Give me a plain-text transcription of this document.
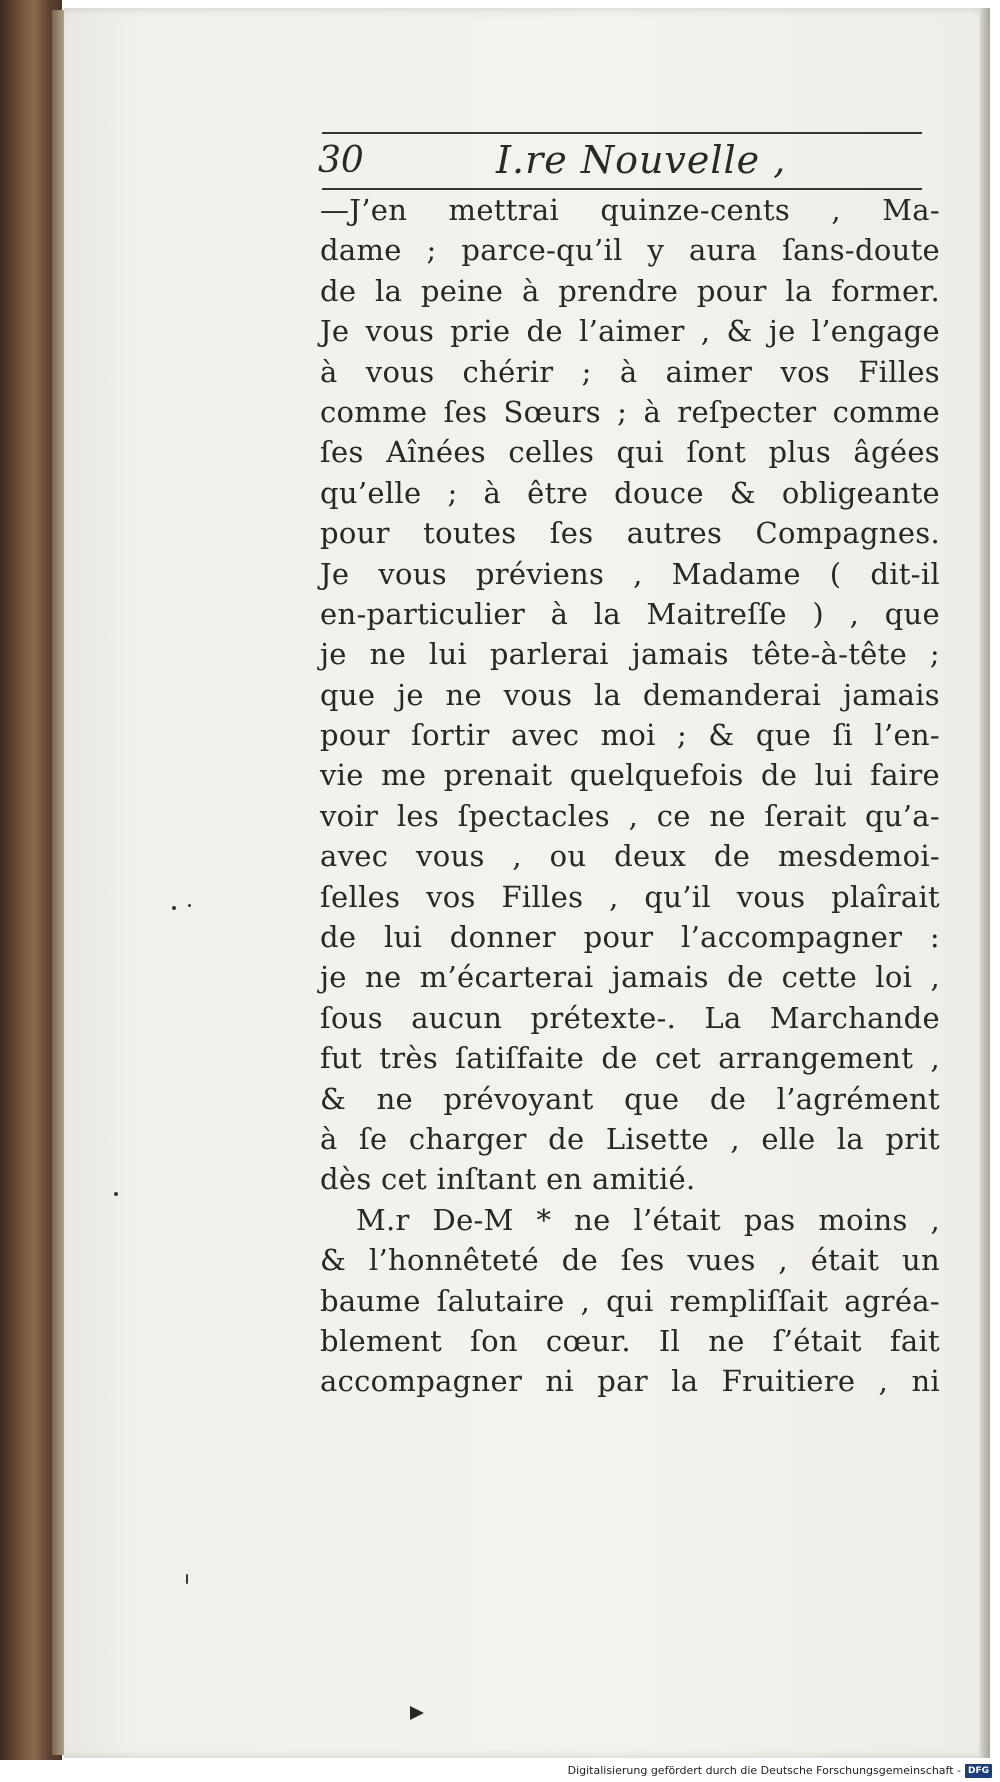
30	I.re Nouvelle ,
—J’en mettrai quinze-cents , Ma-
dame ; parce-qu’il y aura ſans-doute
de la peine à prendre pour la former.
Je vous prie de l’aimer , & je l’engage
à vous chérir ; à aimer vos Filles
comme ſes Sœurs ; à reſpecter comme
ſes Aînées celles qui ſont plus âgées
qu’elle ; à être douce & obligeante
pour toutes ſes autres Compagnes.
Je vous préviens , Madame ( dit-il
en-particulier à la Maitreſſe ) , que
je ne lui parlerai jamais tête-à-tête ;
que je ne vous la demanderai jamais
pour ſortir avec moi ; & que ſi l’en-
vie me prenait quelquefois de lui faire
voir les ſpectacles , ce ne ſerait qu’a-
avec vous , ou deux de mesdemoi-
ſelles vos Filles , qu’il vous plaîrait
de lui donner pour l’accompagner :
je ne m’écarterai jamais de cette loi ,
ſous aucun prétexte-. La Marchande
fut très ſatiſfaite de cet arrangement ,
& ne prévoyant que de l’agrément
à ſe charger de Lisette , elle la prit
dès cet inſtant en amitié.
M.r De-M * ne l’était pas moins ,
& l’honnêteté de ſes vues , était un
baume ſalutaire , qui rempliſſait agréa-
blement ſon cœur. Il ne ſ’était fait
accompagner ni par la Fruitiere , ni
Digitalisierung gefördert durch die Deutsche Forschungsgemeinschaft - DFG
